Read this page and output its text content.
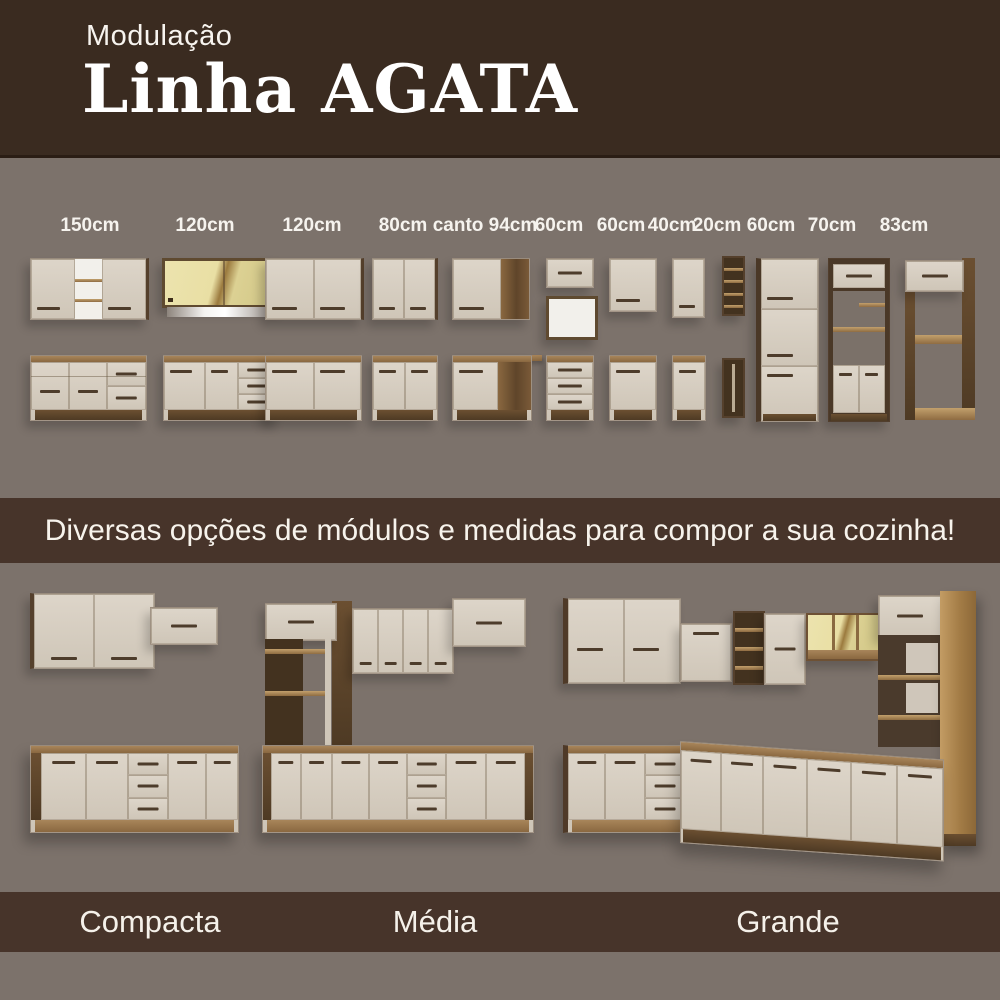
Modulação
Linha AGATA
150cm	120cm	120cm	80cm canto 94cm
60cm 60cm 40cm
20cm 60cm 70cm	83cm
Diversas opções de módulos e medidas para compor a sua cozinha!
Compacta	Média	Grande
